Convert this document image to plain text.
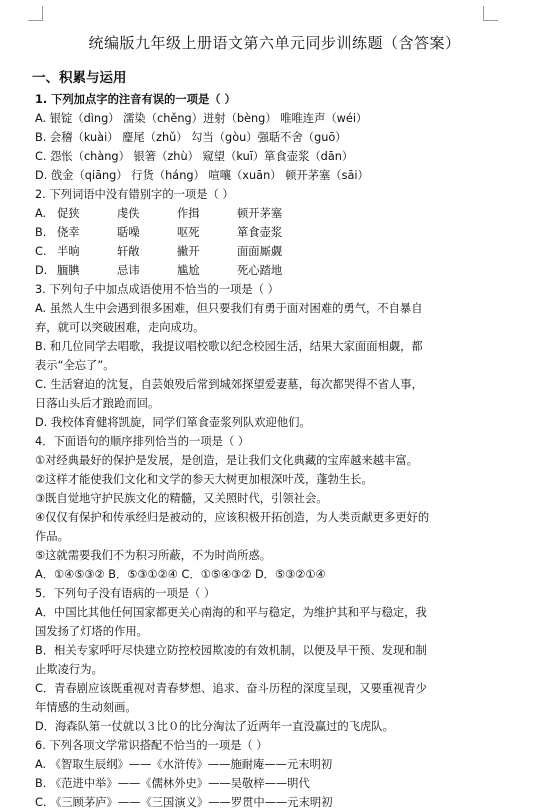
统编版九年级上册语文第六单元同步训练题（含答案）
一、积累与运用
1. 下列加点字的注音有误的一项是（ ）
A. 银锭（dìng） 濡染（chěng）迸射（bèng） 唯唯连声（wéi）
B. 会稽（kuài） 麈尾（zhǔ） 勾当（gòu）强聒不舍（guō）
C. 怨怅（chàng） 银箸（zhù） 窥望（kuī）箪食壶浆（dān）
D. 戗金（qiāng） 行货（háng） 喧嚷（xuān） 顿开茅塞（sāi）
2. 下列词语中没有错别字的一项是（ ）
A. 促狭	虔佚	作揖	顿开茅塞
B. 侥幸	聒噪	呕死	箪食壶浆
C. 半晌	轩敞	撇开	面面厮觑
D. 腼腆	忌讳	尴尬	死心踏地
3. 下列句子中加点成语使用不恰当的一项是（ ）
A. 虽然人生中会遇到很多困难，但只要我们有勇于面对困难的勇气，不自暴自
弃，就可以突破困难，走向成功。
B. 和几位同学去唱歌，我提议唱校歌以纪念校园生活，结果大家面面相觑，都
表示“全忘了”。
C. 生活窘迫的沈复，自芸娘殁后常到城郊探望爱妻墓，每次都哭得不省人事，
日落山头后才踉跄而回。
D. 我校体育健将凯旋，同学们箪食壶浆列队欢迎他们。
4．下面语句的顺序排列恰当的一项是（ ）
①对经典最好的保护是发展，是创造，是让我们文化典藏的宝库越来越丰富。
②这样才能使我们文化和文学的参天大树更加根深叶茂，蓬勃生长。
③既自觉地守护民族文化的精髓，又关照时代，引领社会。
④仅仅有保护和传承经归是被动的，应该积极开拓创造，为人类贡献更多更好的
作品。
⑤这就需要我们不为积习所蔽，不为时尚所惑。
A．①④⑤③② B．⑤③①②④ C．①⑤④③② D．⑤③②①④
5．下列句子没有语病的一项是（ ）
A．中国比其他任何国家都更关心南海的和平与稳定，为维护其和平与稳定，我
国发扬了灯塔的作用。
B．相关专家呼吁尽快建立防控校园欺凌的有效机制，以便及早干预、发现和制
止欺凌行为。
C．青春剧应该既重视对青春梦想、追求、奋斗历程的深度呈现，又要重视青少
年情感的生动刻画。
D．海森队第一仗就以３比０的比分淘汰了近两年一直没赢过的飞虎队。
6. 下列各项文学常识搭配不恰当的一项是（ ）
A. 《智取生辰纲》——《水浒传》——施耐庵——元末明初
B. 《范进中举》——《儒林外史》——吴敬梓——明代
C. 《三顾茅庐》——《三国演义》——罗贯中——元末明初
